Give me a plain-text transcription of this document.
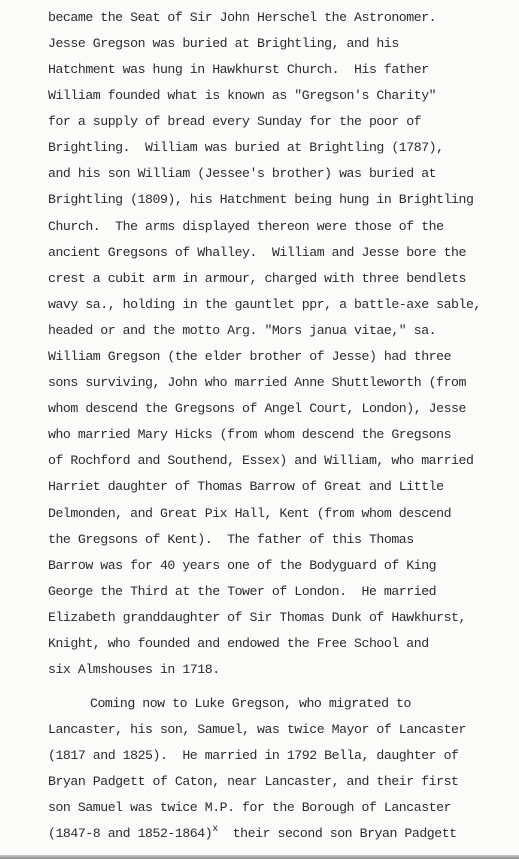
became the Seat of Sir John Herschel the Astronomer.
Jesse Gregson was buried at Brightling, and his
Hatchment was hung in Hawkhurst Church.  His father
William founded what is known as "Gregson's Charity"
for a supply of bread every Sunday for the poor of
Brightling.  William was buried at Brightling (1787),
and his son William (Jessee's brother) was buried at
Brightling (1809), his Hatchment being hung in Brightling
Church.  The arms displayed thereon were those of the
ancient Gregsons of Whalley.  William and Jesse bore the
crest a cubit arm in armour, charged with three bendlets
wavy sa., holding in the gauntlet ppr, a battle-axe sable,
headed or and the motto Arg. "Mors janua vitae," sa.
William Gregson (the elder brother of Jesse) had three
sons surviving, John who married Anne Shuttleworth (from
whom descend the Gregsons of Angel Court, London), Jesse
who married Mary Hicks (from whom descend the Gregsons
of Rochford and Southend, Essex) and William, who married
Harriet daughter of Thomas Barrow of Great and Little
Delmonden, and Great Pix Hall, Kent (from whom descend
the Gregsons of Kent).  The father of this Thomas
Barrow was for 40 years one of the Bodyguard of King
George the Third at the Tower of London.  He married
Elizabeth granddaughter of Sir Thomas Dunk of Hawkhurst,
Knight, who founded and endowed the Free School and
six Almshouses in 1718.
Coming now to Luke Gregson, who migrated to
Lancaster, his son, Samuel, was twice Mayor of Lancaster
(1817 and 1825).  He married in 1792 Bella, daughter of
Bryan Padgett of Caton, near Lancaster, and their first
son Samuel was twice M.P. for the Borough of Lancaster
(1847-8 and 1852-1864)$^x$ their second son Bryan Padgett
